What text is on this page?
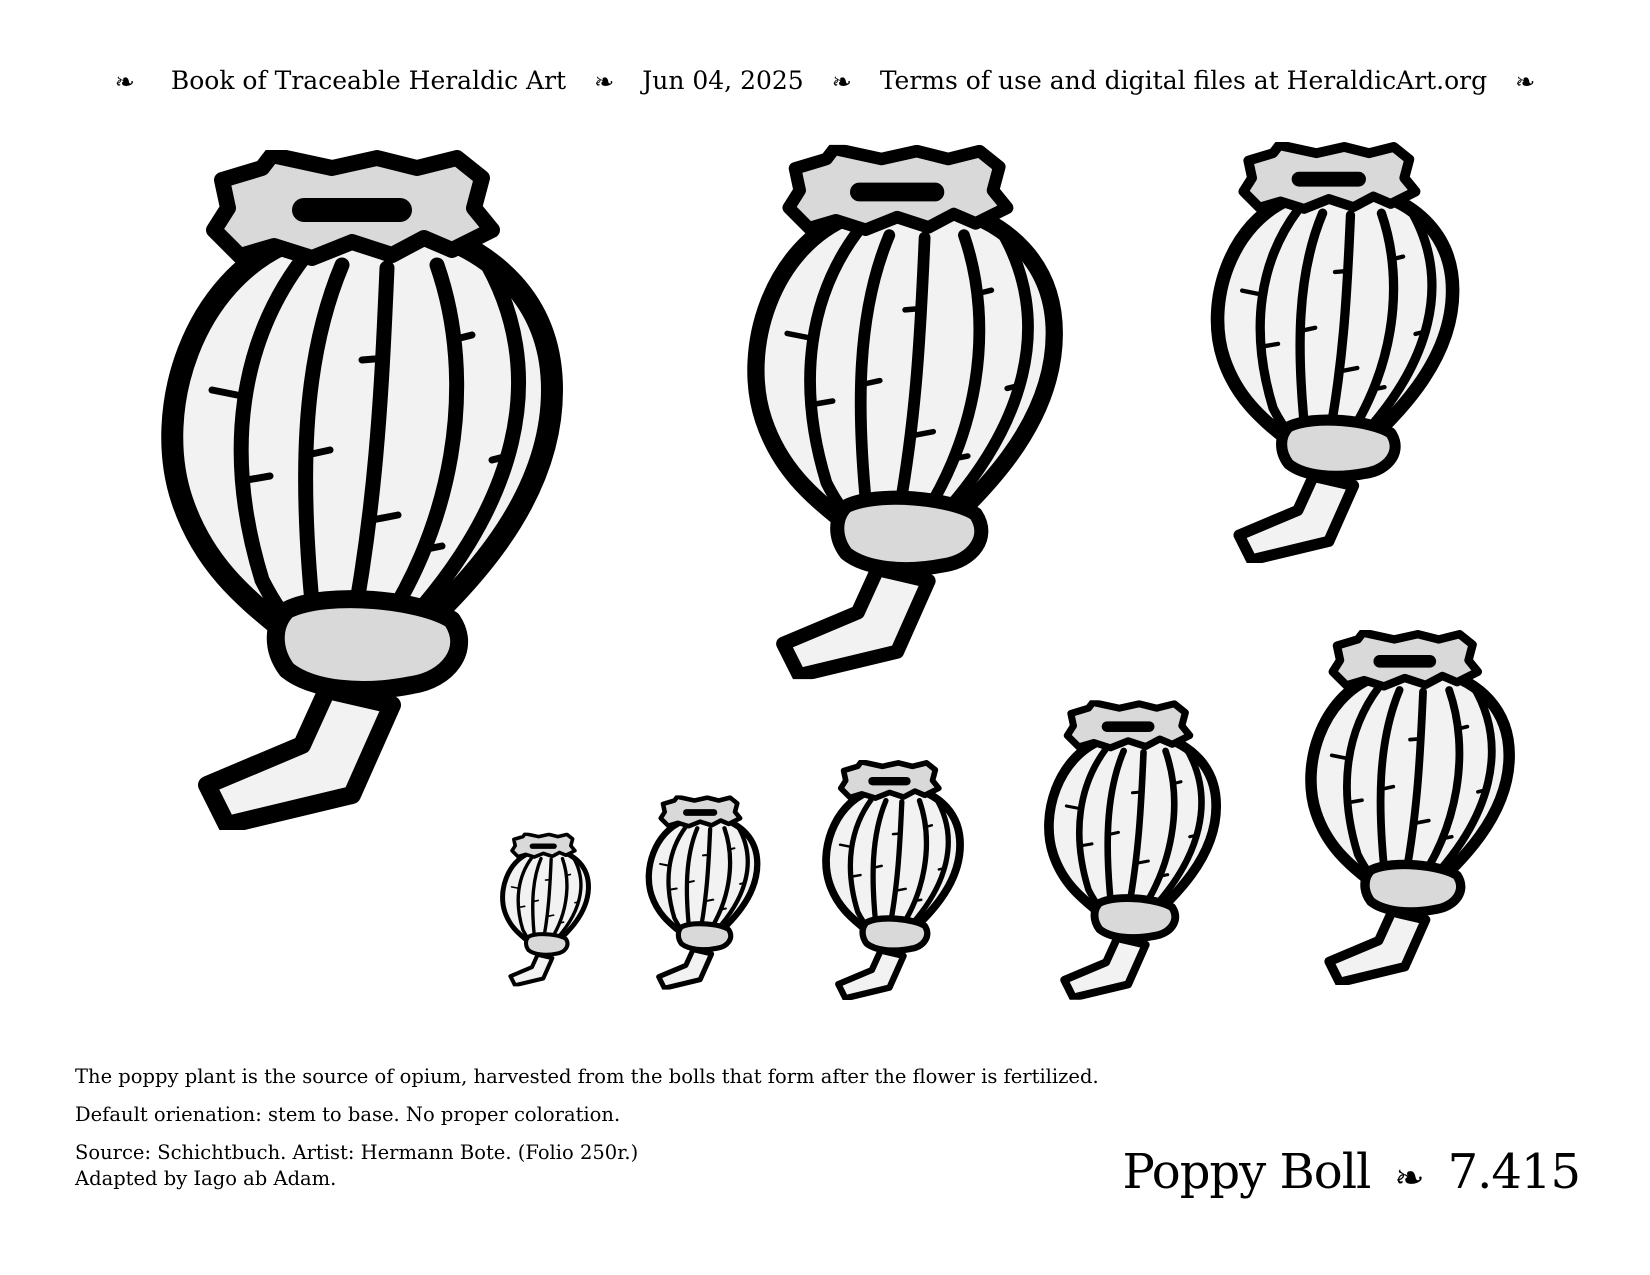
❧ Book of Traceable Heraldic Art ❧ Jun 04, 2025 ❧ Terms of use and digital files at HeraldicArt.org ❧

The poppy plant is the source of opium, harvested from the bolls that form after the flower is fertilized.

Default orienation: stem to base. No proper coloration.

Source: Schichtbuch. Artist: Hermann Bote. (Folio 250r.)

Adapted by Iago ab Adam.	Poppy Boll ❧ 7.415
